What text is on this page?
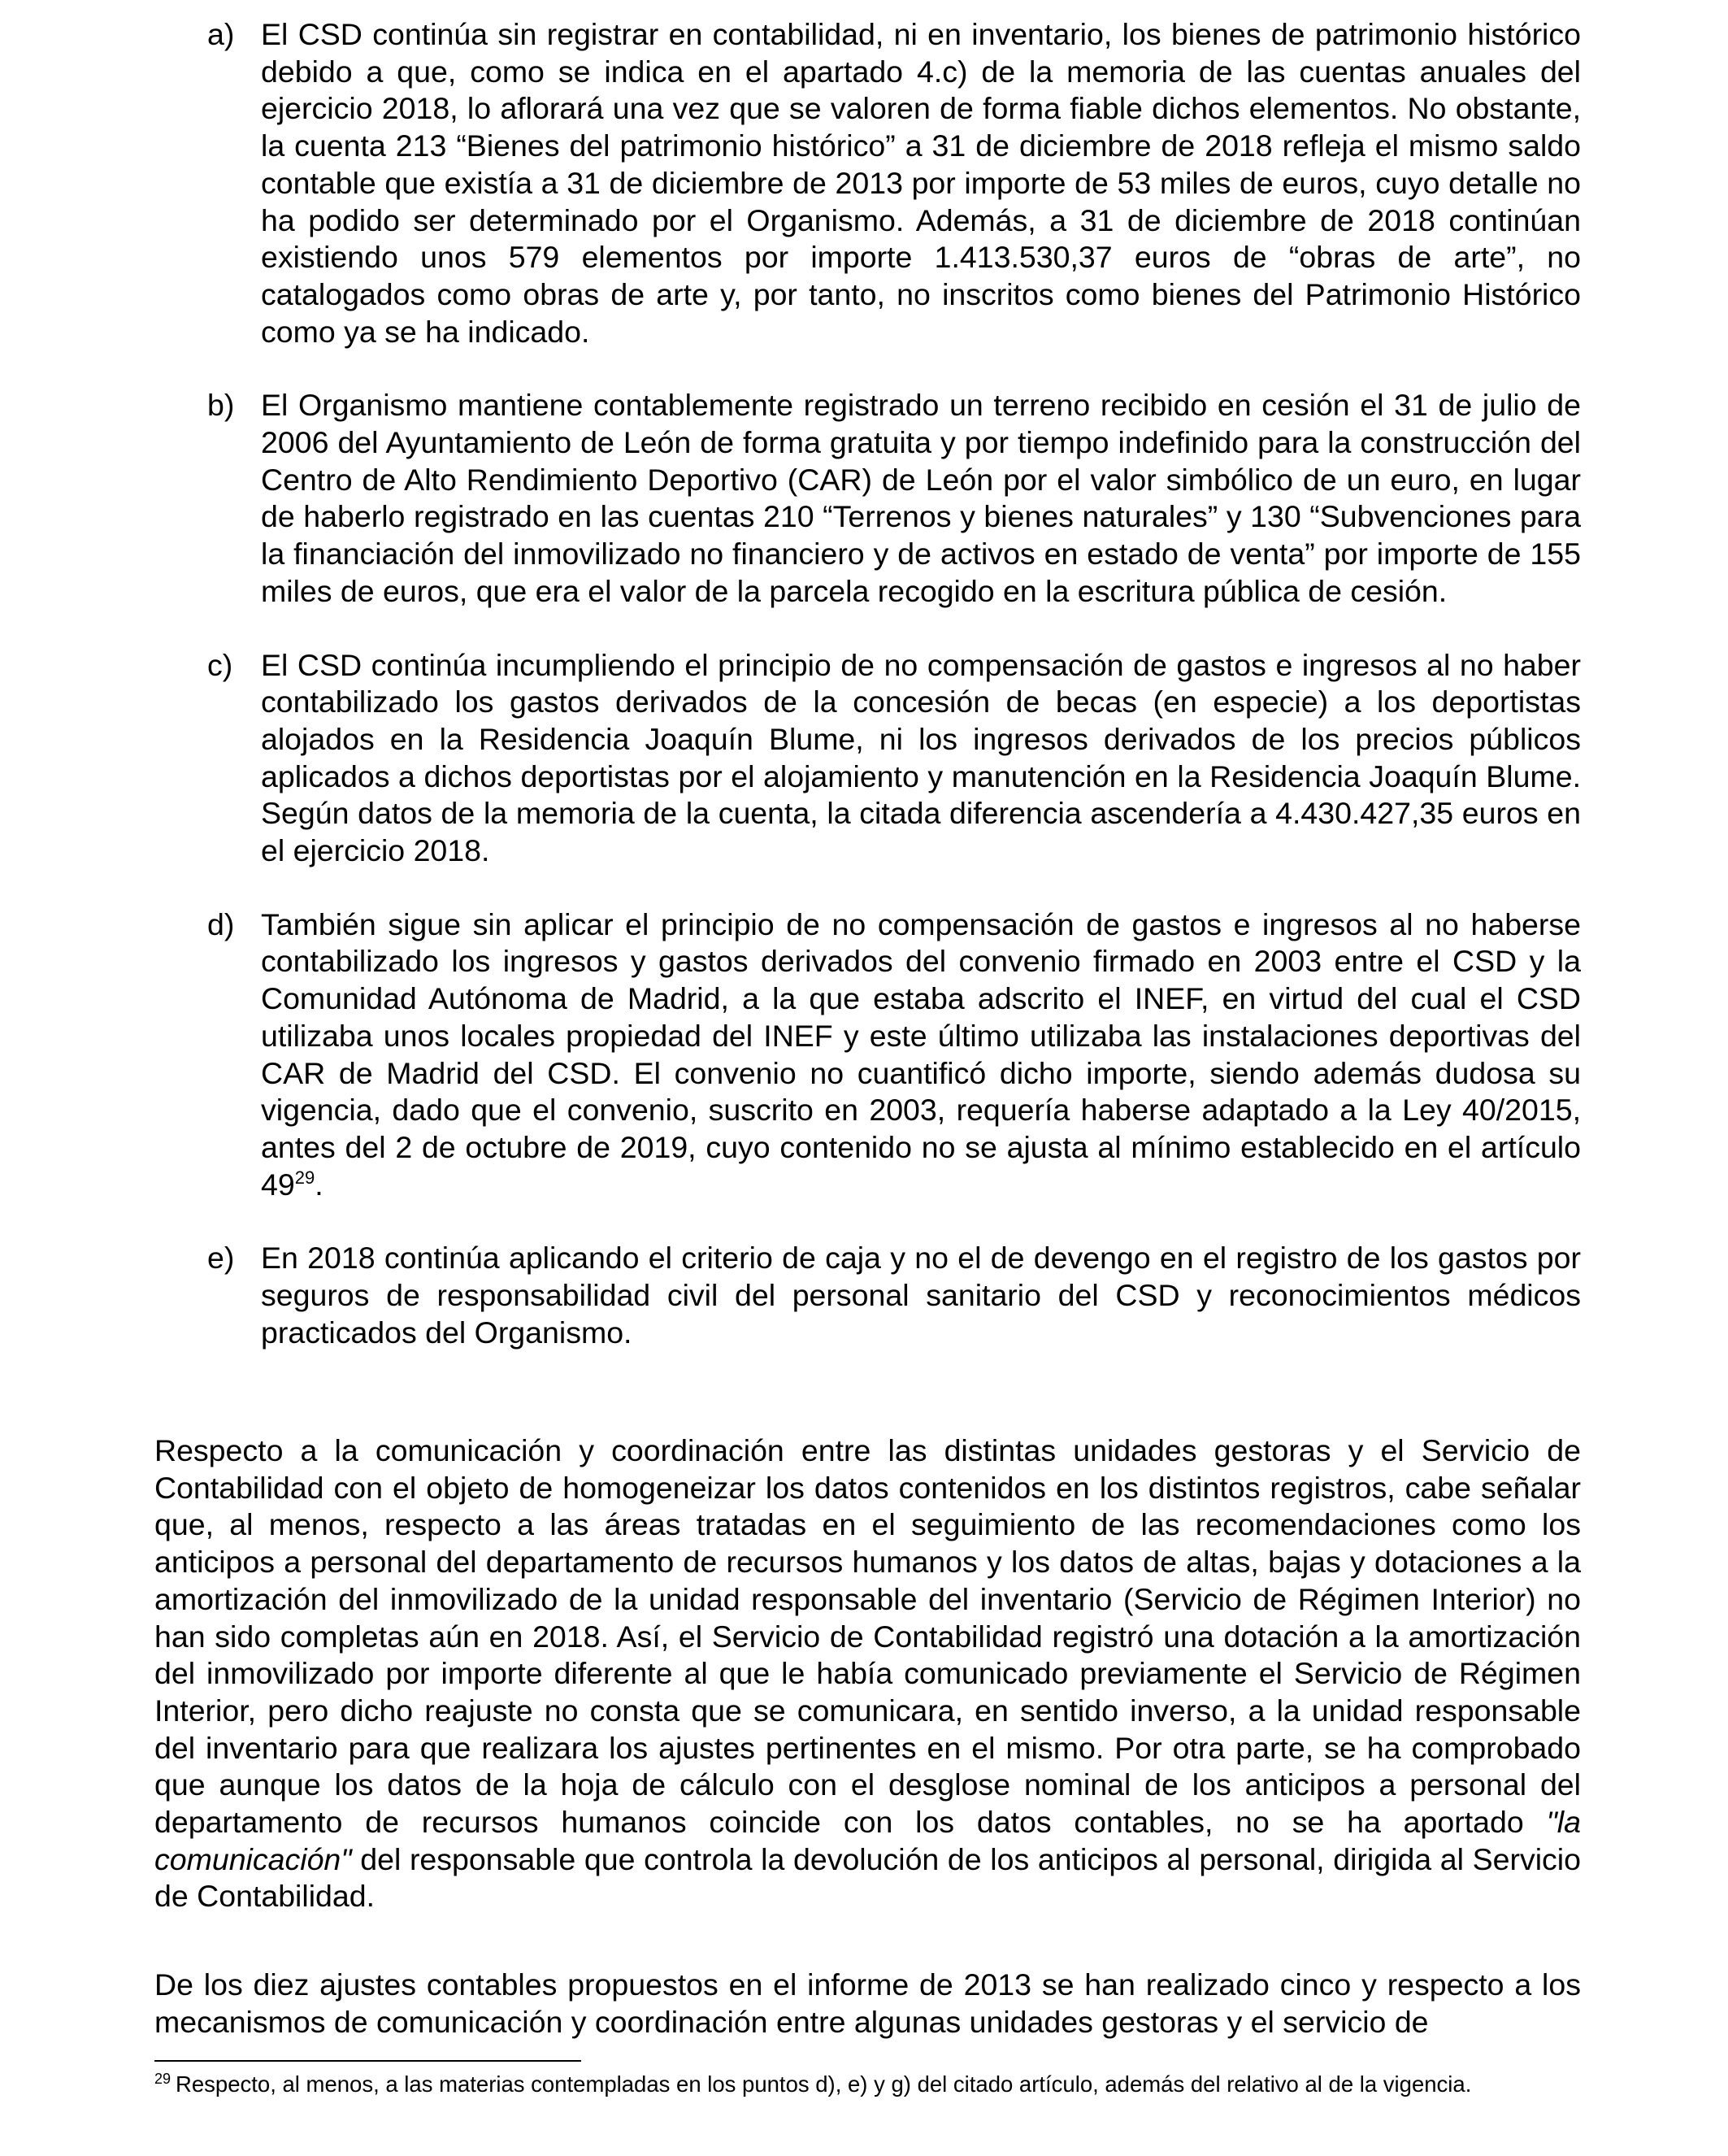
a) El CSD continúa sin registrar en contabilidad, ni en inventario, los bienes de patrimonio histórico debido a que, como se indica en el apartado 4.c) de la memoria de las cuentas anuales del ejercicio 2018, lo aflorará una vez que se valoren de forma fiable dichos elementos. No obstante, la cuenta 213 “Bienes del patrimonio histórico” a 31 de diciembre de 2018 refleja el mismo saldo contable que existía a 31 de diciembre de 2013 por importe de 53 miles de euros, cuyo detalle no ha podido ser determinado por el Organismo. Además, a 31 de diciembre de 2018 continúan existiendo unos 579 elementos por importe 1.413.530,37 euros de “obras de arte”, no catalogados como obras de arte y, por tanto, no inscritos como bienes del Patrimonio Histórico como ya se ha indicado.
b) El Organismo mantiene contablemente registrado un terreno recibido en cesión el 31 de julio de 2006 del Ayuntamiento de León de forma gratuita y por tiempo indefinido para la construcción del Centro de Alto Rendimiento Deportivo (CAR) de León por el valor simbólico de un euro, en lugar de haberlo registrado en las cuentas 210 “Terrenos y bienes naturales” y 130 “Subvenciones para la financiación del inmovilizado no financiero y de activos en estado de venta” por importe de 155 miles de euros, que era el valor de la parcela recogido en la escritura pública de cesión.
c) El CSD continúa incumpliendo el principio de no compensación de gastos e ingresos al no haber contabilizado los gastos derivados de la concesión de becas (en especie) a los deportistas alojados en la Residencia Joaquín Blume, ni los ingresos derivados de los precios públicos aplicados a dichos deportistas por el alojamiento y manutención en la Residencia Joaquín Blume. Según datos de la memoria de la cuenta, la citada diferencia ascendería a 4.430.427,35 euros en el ejercicio 2018.
d) También sigue sin aplicar el principio de no compensación de gastos e ingresos al no haberse contabilizado los ingresos y gastos derivados del convenio firmado en 2003 entre el CSD y la Comunidad Autónoma de Madrid, a la que estaba adscrito el INEF, en virtud del cual el CSD utilizaba unos locales propiedad del INEF y este último utilizaba las instalaciones deportivas del CAR de Madrid del CSD. El convenio no cuantificó dicho importe, siendo además dudosa su vigencia, dado que el convenio, suscrito en 2003, requería haberse adaptado a la Ley 40/2015, antes del 2 de octubre de 2019, cuyo contenido no se ajusta al mínimo establecido en el artículo $49^{29}$.
e) En 2018 continúa aplicando el criterio de caja y no el de devengo en el registro de los gastos por seguros de responsabilidad civil del personal sanitario del CSD y reconocimientos médicos practicados del Organismo.

Respecto a la comunicación y coordinación entre las distintas unidades gestoras y el Servicio de Contabilidad con el objeto de homogeneizar los datos contenidos en los distintos registros, cabe señalar que, al menos, respecto a las áreas tratadas en el seguimiento de las recomendaciones como los anticipos a personal del departamento de recursos humanos y los datos de altas, bajas y dotaciones a la amortización del inmovilizado de la unidad responsable del inventario (Servicio de Régimen Interior) no han sido completas aún en 2018. Así, el Servicio de Contabilidad registró una dotación a la amortización del inmovilizado por importe diferente al que le había comunicado previamente el Servicio de Régimen Interior, pero dicho reajuste no consta que se comunicara, en sentido inverso, a la unidad responsable del inventario para que realizara los ajustes pertinentes en el mismo. Por otra parte, se ha comprobado que aunque los datos de la hoja de cálculo con el desglose nominal de los anticipos a personal del departamento de recursos humanos coincide con los datos contables, no se ha aportado "la comunicación" del responsable que controla la devolución de los anticipos al personal, dirigida al Servicio de Contabilidad.

De los diez ajustes contables propuestos en el informe de 2013 se han realizado cinco y respecto a los mecanismos de comunicación y coordinación entre algunas unidades gestoras y el servicio de

$^{29}$ Respecto, al menos, a las materias contempladas en los puntos d), e) y g) del citado artículo, además del relativo al de la vigencia.
